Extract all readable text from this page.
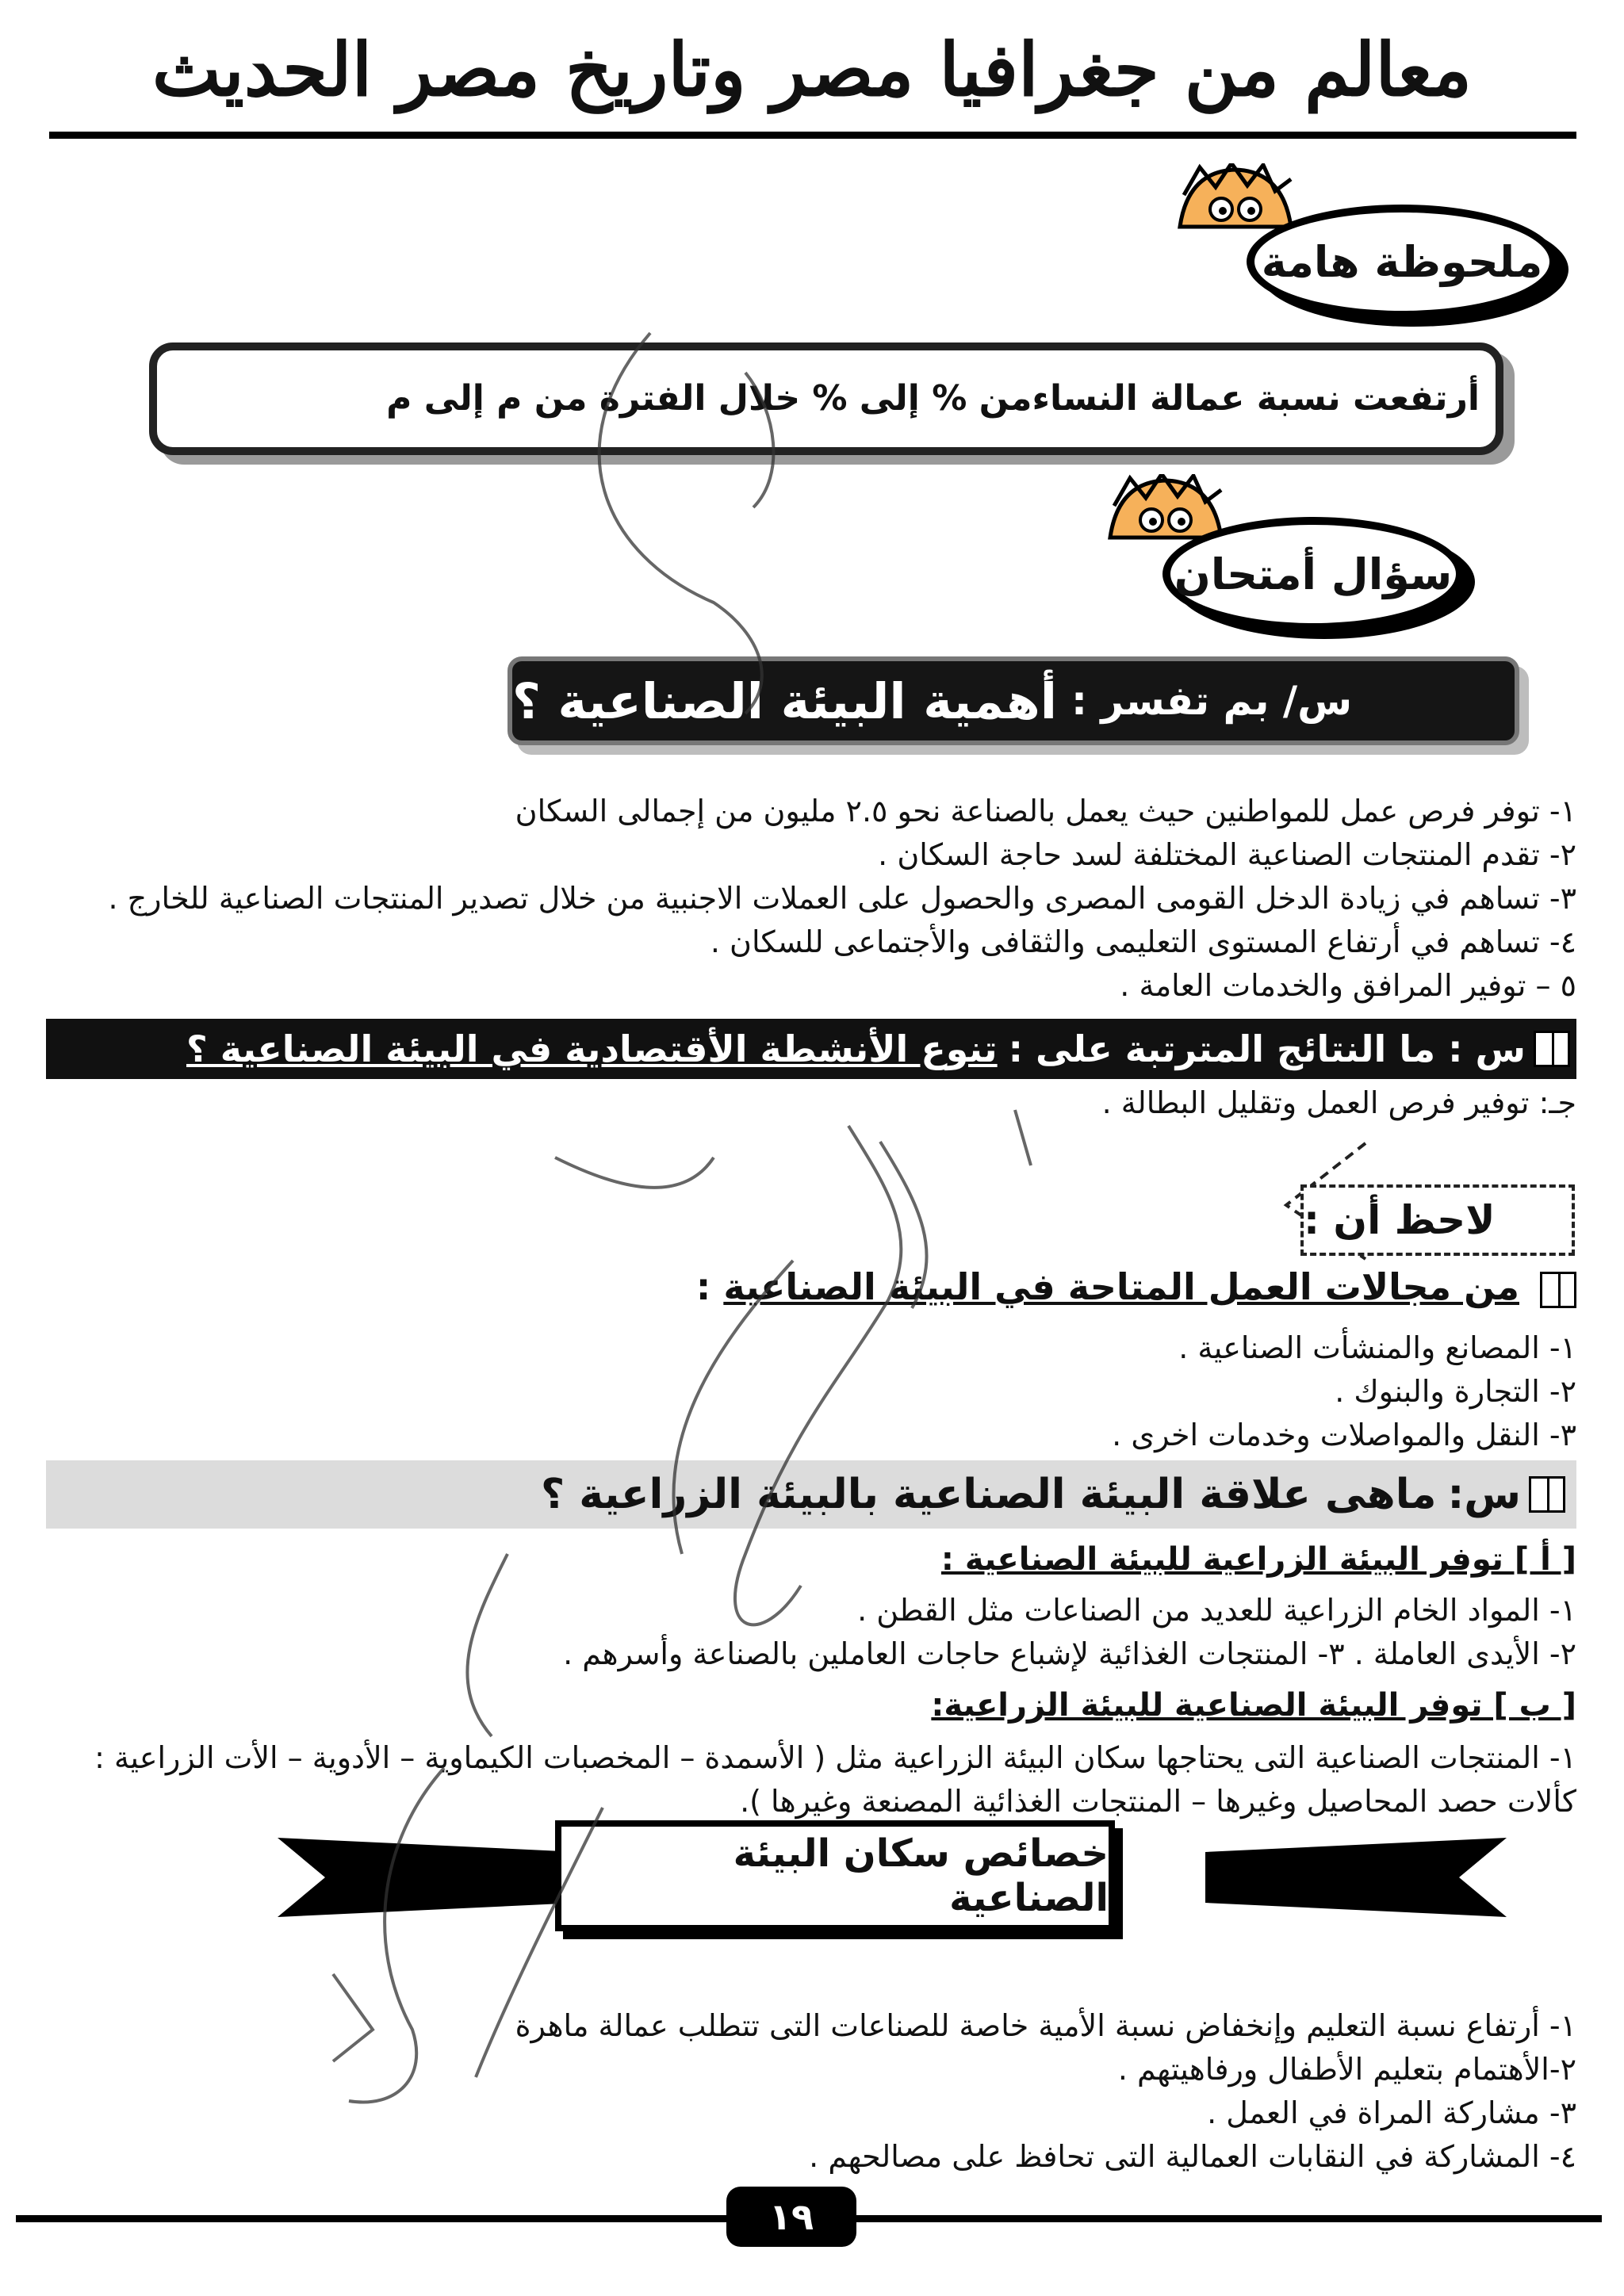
معالم من جغرافيا مصر وتاريخ مصر الحديث
ملحوظة هامة
أرتفعت نسبة عمالة النساءمن % إلى % خلال الفترة من م إلى م
سؤال أمتحان
س/ بم تفسر :
أهمية البيئة الصناعية ؟
١- توفر فرص عمل للمواطنين حيث يعمل بالصناعة نحو ٢.٥ مليون من إجمالى السكان
٢- تقدم المنتجات الصناعية المختلفة لسد حاجة السكان .
٣- تساهم في زيادة الدخل القومى المصرى والحصول على العملات الاجنبية من خلال تصدير المنتجات الصناعية للخارج .
٤- تساهم في أرتفاع المستوى التعليمى والثقافى والأجتماعى للسكان .
٥ – توفير المرافق والخدمات العامة .
س : ما النتائج المترتبة على :
تنوع الأنشطة الأقتصادية في البيئة الصناعية ؟
جـ: توفير فرص العمل وتقليل البطالة .
لاحظ أن :
من مجالات العمل المتاحة في البيئة الصناعية :
١- المصانع والمنشأت الصناعية .
٢- التجارة والبنوك .
٣- النقل والمواصلات وخدمات اخرى .
س:
ماهى علاقة البيئة الصناعية بالبيئة الزراعية ؟
[ أ ] توفر البيئة الزراعية للبيئة الصناعية :
١- المواد الخام الزراعية للعديد من الصناعات مثل القطن .
٢- الأيدى العاملة . ٣- المنتجات الغذائية لإشباع حاجات العاملين بالصناعة وأسرهم .
[ ب ] توفر البيئة الصناعية للبيئة الزراعية:
١- المنتجات الصناعية التى يحتاجها سكان البيئة الزراعية مثل ( الأسمدة – المخصبات الكيماوية – الأدوية – الأت الزراعية :
كألات حصد المحاصيل وغيرها – المنتجات الغذائية المصنعة وغيرها ).
خصائص سكان البيئة الصناعية
١- أرتفاع نسبة التعليم وإنخفاض نسبة الأمية خاصة للصناعات التى تتطلب عمالة ماهرة
٢-الأهتمام بتعليم الأطفال ورفاهيتهم .
٣- مشاركة المراة في العمل .
٤- المشاركة في النقابات العمالية التى تحافظ على مصالحهم .
١٩
